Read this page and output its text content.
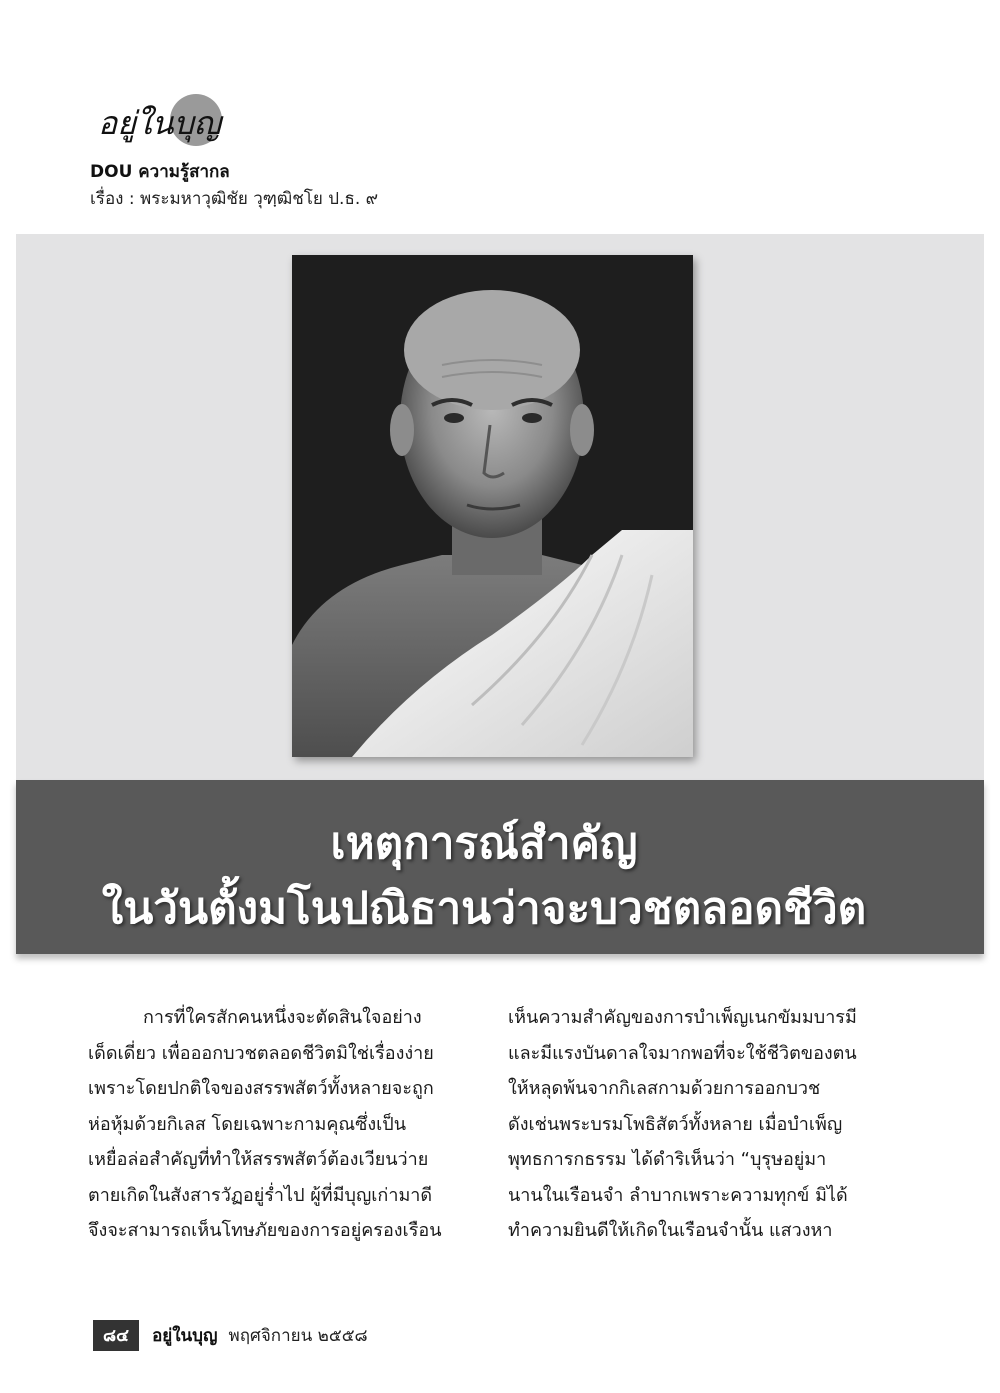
อยู่ในบุญ
DOU ความรู้สากล
เรื่อง : พระมหาวุฒิชัย วุฑฺฒิชโย ป.ธ. ๙
เหตุการณ์สำคัญ
ในวันตั้งมโนปณิธานว่าจะบวชตลอดชีวิต

การที่ใครสักคนหนึ่งจะตัดสินใจอย่าง

เด็ดเดี่ยว เพื่อออกบวชตลอดชีวิตมิใช่เรื่องง่าย

เพราะโดยปกติใจของสรรพสัตว์ทั้งหลายจะถูก

ห่อหุ้มด้วยกิเลส โดยเฉพาะกามคุณซึ่งเป็น

เหยื่อล่อสำคัญที่ทำให้สรรพสัตว์ต้องเวียนว่าย

ตายเกิดในสังสารวัฏอยู่ร่ำไป ผู้ที่มีบุญเก่ามาดี

จึงจะสามารถเห็นโทษภัยของการอยู่ครองเรือน

เห็นความสำคัญของการบำเพ็ญเนกขัมมบารมี

และมีแรงบันดาลใจมากพอที่จะใช้ชีวิตของตน

ให้หลุดพ้นจากกิเลสกามด้วยการออกบวช

ดังเช่นพระบรมโพธิสัตว์ทั้งหลาย เมื่อบำเพ็ญ

พุทธการกธรรม ได้ดำริเห็นว่า “บุรุษอยู่มา

นานในเรือนจำ ลำบากเพราะความทุกข์ มิได้

ทำความยินดีให้เกิดในเรือนจำนั้น แสวงหา

๘๔ อยู่ในบุญ พฤศจิกายน ๒๕๕๘
